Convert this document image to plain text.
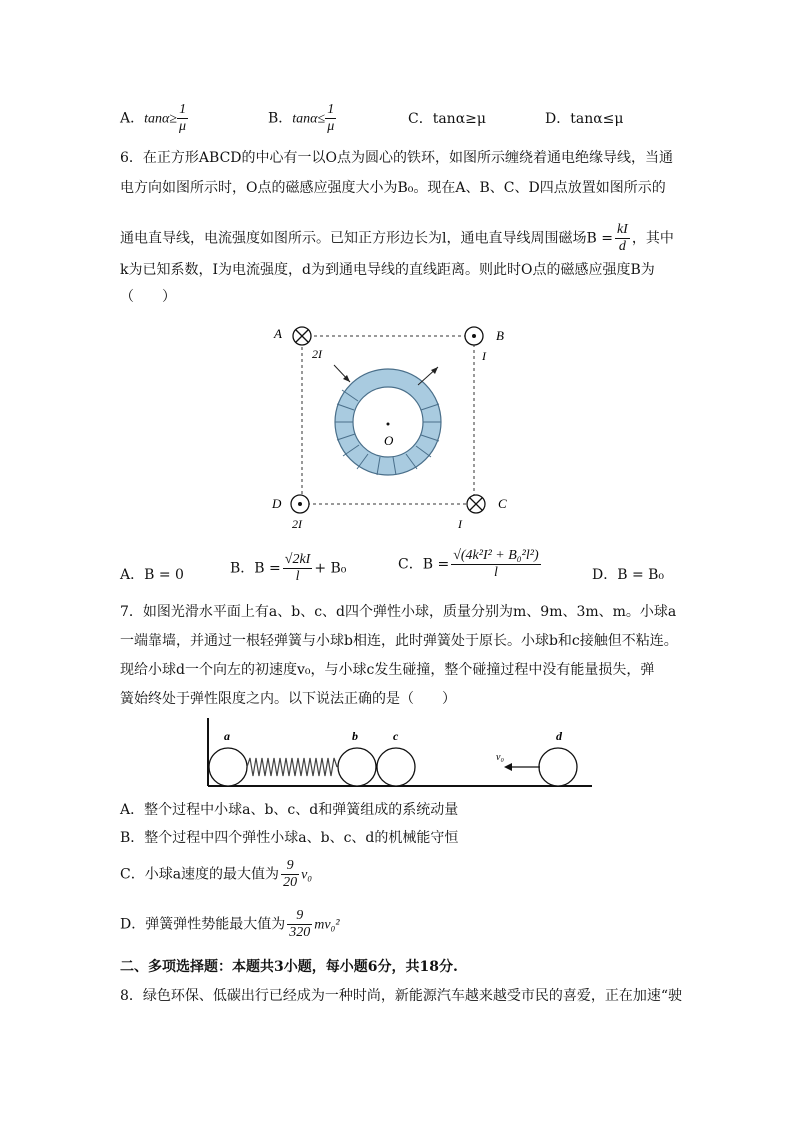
A．$\tan\alpha\ge \frac{1}{\mu}$	B．$\tan\alpha\le \frac{1}{\mu}$	C．tanα≥μ	D．tanα≤μ
6．在正方形ABCD的中心有一以O点为圆心的铁环，如图所示缠绕着通电绝缘导线，当通
电方向如图所示时，O点的磁感应强度大小为B₀。现在A、B、C、D四点放置如图所示的
通电直导线，电流强度如图所示。已知正方形边长为l，通电直导线周围磁场$B = \frac{kI}{d}$ ，其中
k为已知系数，I为电流强度，d为到通电导线的直线距离。则此时O点的磁感应强度B为
（　　）
O
A
2I
B
I
D
2I
C
I
A．B = 0	B．$B = \frac{√2kI}{l} + B_0$	C．$B = \frac{\text{√(4k²I² + B₀²l²)}}{l}$	D．B = B₀
7．如图光滑水平面上有a、b、c、d四个弹性小球，质量分别为m、9m、3m、m。小球a
一端靠墙，并通过一根轻弹簧与小球b相连，此时弹簧处于原长。小球b和c接触但不粘连。
现给小球d一个向左的初速度v₀，与小球c发生碰撞，整个碰撞过程中没有能量损失，弹
簧始终处于弹性限度之内。以下说法正确的是（　　）
v₀
a	b	c	d
A．整个过程中小球a、b、c、d和弹簧组成的系统动量
B．整个过程中四个弹性小球a、b、c、d的机械能守恒
C．小球a速度的最大值为 $\frac{9}{20} v_0$
D．弹簧弹性势能最大值为 $\frac{9}{320} mv_0^2$
二、多项选择题：本题共3小题，每小题6分，共18分.
8．绿色环保、低碳出行已经成为一种时尚，新能源汽车越来越受市民的喜爱，正在加速“驶
